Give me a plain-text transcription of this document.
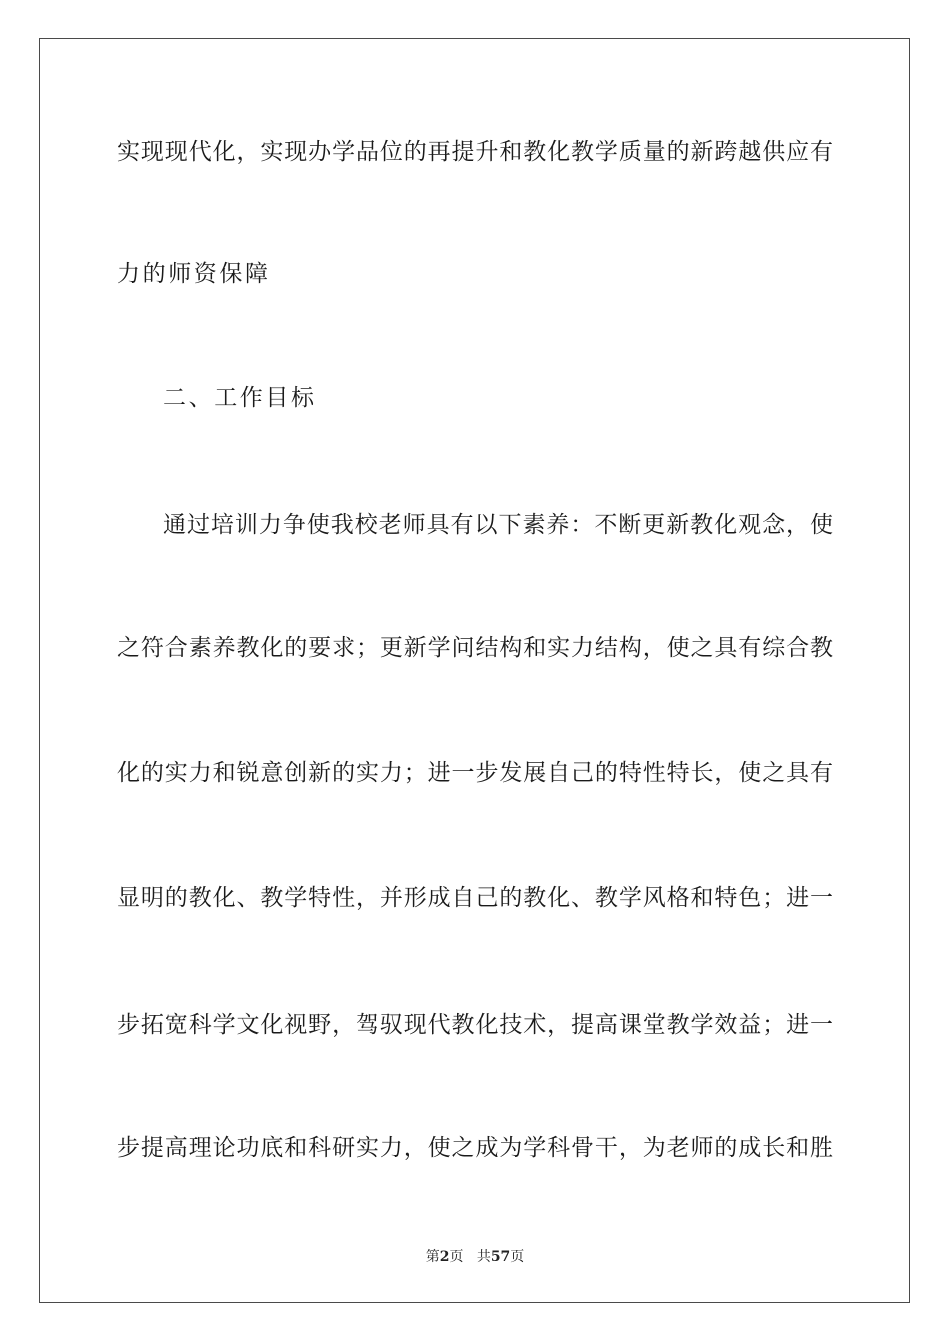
实现现代化，实现办学品位的再提升和教化教学质量的新跨越供应有
力的师资保障
二、工作目标
通过培训力争使我校老师具有以下素养：不断更新教化观念，使
之符合素养教化的要求；更新学问结构和实力结构，使之具有综合教
化的实力和锐意创新的实力；进一步发展自己的特性特长，使之具有
显明的教化、教学特性，并形成自己的教化、教学风格和特色；进一
步拓宽科学文化视野，驾驭现代教化技术，提高课堂教学效益；进一
步提高理论功底和科研实力，使之成为学科骨干，为老师的成长和胜
第2页 共57页
